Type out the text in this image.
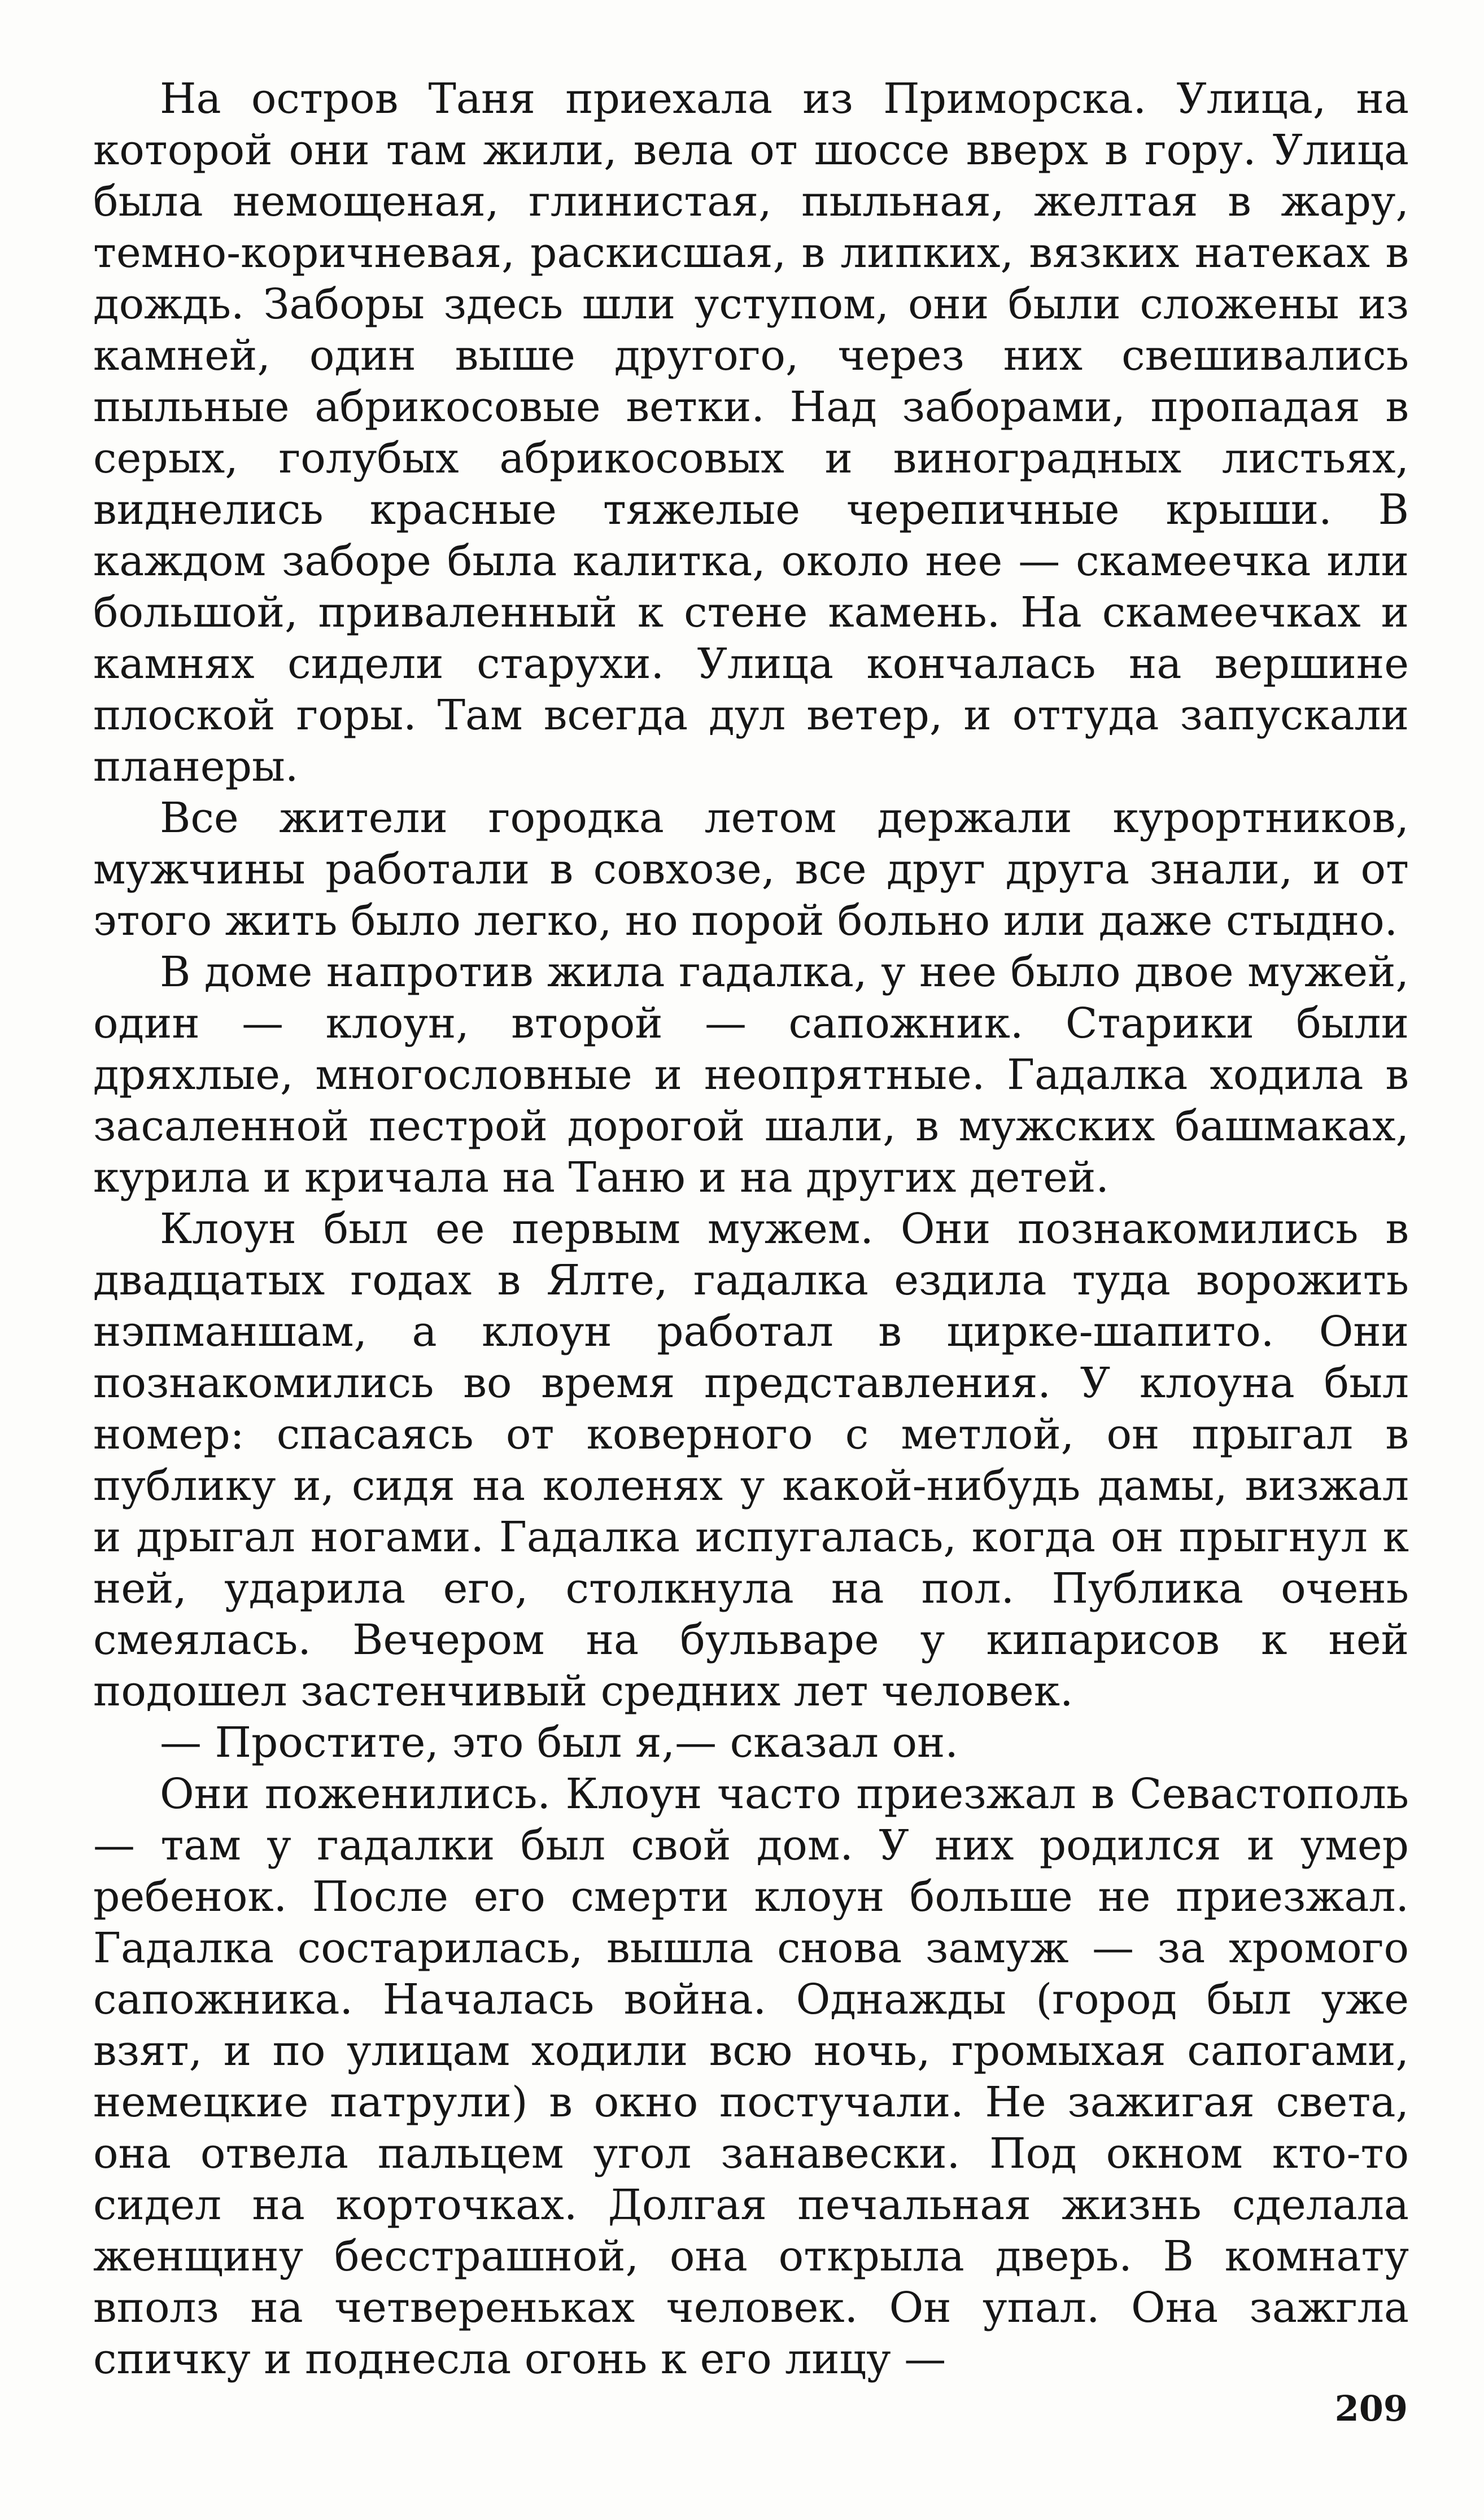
На остров Таня приехала из Приморска. Улица, на которой они там жили, вела от шоссе вверх в гору. Улица была немощеная, глинистая, пыльная, желтая в жару, темно-коричневая, раскисшая, в липких, вязких натеках в дождь. Заборы здесь шли уступом, они были сложены из камней, один выше другого, через них свешивались пыльные абрикосовые ветки. Над заборами, пропадая в серых, голубых абрикосовых и виноградных листьях, виднелись красные тяжелые черепичные крыши. В каждом заборе была калитка, около нее — скамеечка или большой, приваленный к стене камень. На скамеечках и камнях сидели старухи. Улица кончалась на вершине плоской горы. Там всегда дул ветер, и оттуда запускали планеры.

Все жители городка летом держали курортников, мужчины работали в совхозе, все друг друга знали, и от этого жить было легко, но порой больно или даже стыдно.

В доме напротив жила гадалка, у нее было двое мужей, один — клоун, второй — сапожник. Старики были дряхлые, многословные и неопрятные. Гадалка ходила в засаленной пестрой дорогой шали, в мужских башмаках, курила и кричала на Таню и на других детей.

Клоун был ее первым мужем. Они познакомились в двадцатых годах в Ялте, гадалка ездила туда ворожить нэпманшам, а клоун работал в цирке-шапито. Они познакомились во время представления. У клоуна был номер: спасаясь от коверного с метлой, он прыгал в публику и, сидя на коленях у какой-нибудь дамы, визжал и дрыгал ногами. Гадалка испугалась, когда он прыгнул к ней, ударила его, столкнула на пол. Публика очень смеялась. Вечером на бульваре у кипарисов к ней подошел застенчивый средних лет человек.

— Простите, это был я,— сказал он.

Они поженились. Клоун часто приезжал в Севастополь — там у гадалки был свой дом. У них родился и умер ребенок. После его смерти клоун больше не приезжал. Гадалка состарилась, вышла снова замуж — за хромого сапожника. Началась война. Однажды (город был уже взят, и по улицам ходили всю ночь, громыхая сапогами, немецкие патрули) в окно постучали. Не зажигая света, она отвела пальцем угол занавески. Под окном кто-то сидел на корточках. Долгая печальная жизнь сделала женщину бесстрашной, она открыла дверь. В комнату вполз на четвереньках человек. Он упал. Она зажгла спичку и поднесла огонь к его лицу —

209
